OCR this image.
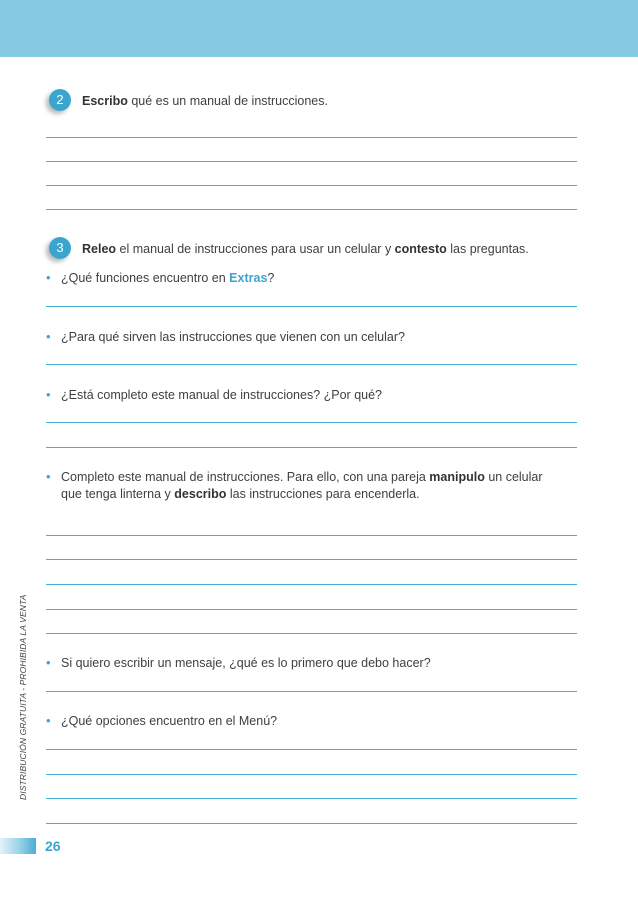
2	Escribo qué es un manual de instrucciones.
3	Releo el manual de instrucciones para usar un celular y contesto las preguntas.
• ¿Qué funciones encuentro en Extras?
• ¿Para qué sirven las instrucciones que vienen con un celular?
• ¿Está completo este manual de instrucciones? ¿Por qué?
• Completo este manual de instrucciones. Para ello, con una pareja manipulo un celular que tenga linterna y describo las instrucciones para encenderla.
• Si quiero escribir un mensaje, ¿qué es lo primero que debo hacer?
• ¿Qué opciones encuentro en el Menú?
DISTRIBUCIÓN GRATUITA - PROHIBIDA LA VENTA
26
